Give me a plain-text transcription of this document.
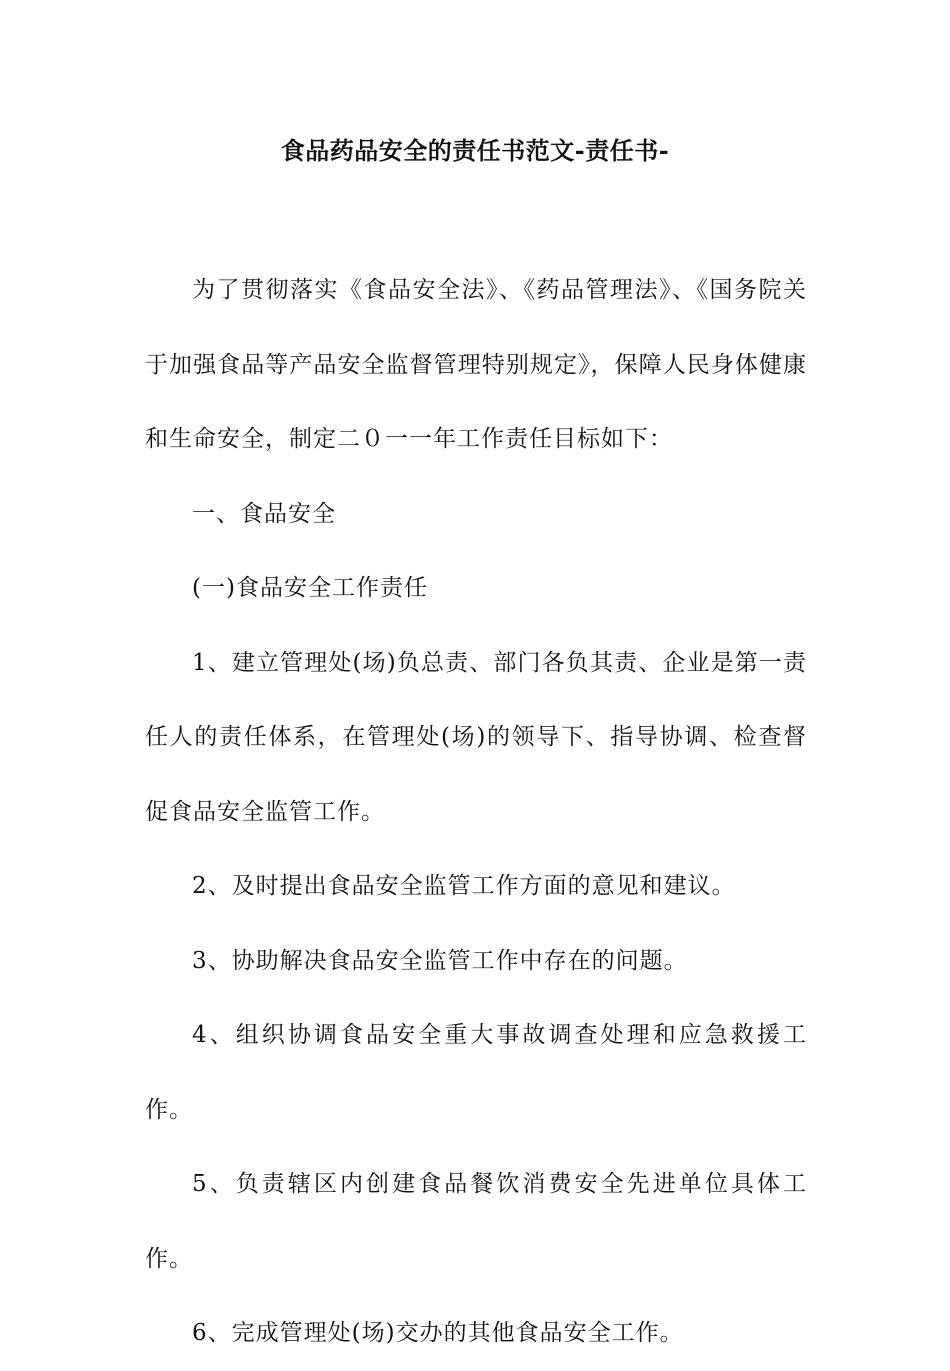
食品药品安全的责任书范文-责任书-

为了贯彻落实《食品安全法》、《药品管理法》、《国务院关于加强食品等产品安全监督管理特别规定》，保障人民身体健康和生命安全，制定二０一一年工作责任目标如下：

一、食品安全

(一)食品安全工作责任

1、建立管理处(场)负总责、部门各负其责、企业是第一责任人的责任体系，在管理处(场)的领导下、指导协调、检查督促食品安全监管工作。

2、及时提出食品安全监管工作方面的意见和建议。

3、协助解决食品安全监管工作中存在的问题。

4、组织协调食品安全重大事故调查处理和应急救援工作。

5、负责辖区内创建食品餐饮消费安全先进单位具体工作。

6、完成管理处(场)交办的其他食品安全工作。
